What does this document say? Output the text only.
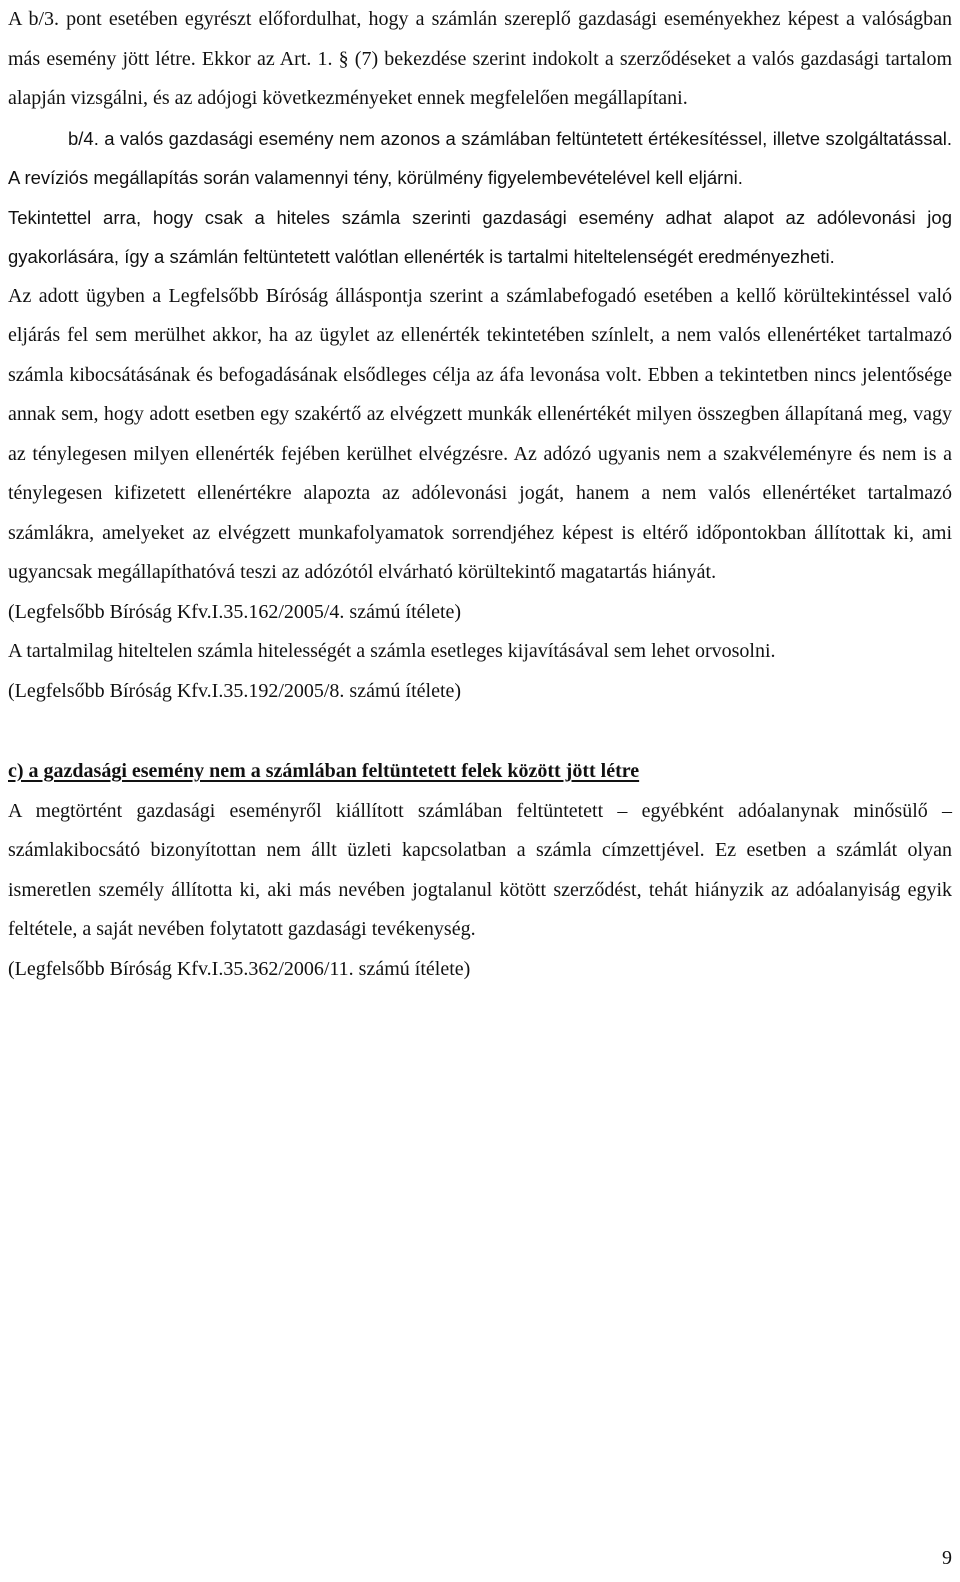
A b/3. pont esetében egyrészt előfordulhat, hogy a számlán szereplő gazdasági eseményekhez képest a valóságban más esemény jött létre. Ekkor az Art. 1. § (7) bekezdése szerint indokolt a szerződéseket a valós gazdasági tartalom alapján vizsgálni, és az adójogi következményeket ennek megfelelően megállapítani.

b/4. a valós gazdasági esemény nem azonos a számlában feltüntetett értékesítéssel, illetve szolgáltatással. A revíziós megállapítás során valamennyi tény, körülmény figyelembevételével kell eljárni.

Tekintettel arra, hogy csak a hiteles számla szerinti gazdasági esemény adhat alapot az adólevonási jog gyakorlására, így a számlán feltüntetett valótlan ellenérték is tartalmi hiteltelenségét eredményezheti.

Az adott ügyben a Legfelsőbb Bíróság álláspontja szerint a számlabefogadó esetében a kellő körültekintéssel való eljárás fel sem merülhet akkor, ha az ügylet az ellenérték tekintetében színlelt, a nem valós ellenértéket tartalmazó számla kibocsátásának és befogadásának elsődleges célja az áfa levonása volt. Ebben a tekintetben nincs jelentősége annak sem, hogy adott esetben egy szakértő az elvégzett munkák ellenértékét milyen összegben állapítaná meg, vagy az ténylegesen milyen ellenérték fejében kerülhet elvégzésre. Az adózó ugyanis nem a szakvéleményre és nem is a ténylegesen kifizetett ellenértékre alapozta az adólevonási jogát, hanem a nem valós ellenértéket tartalmazó számlákra, amelyeket az elvégzett munkafolyamatok sorrendjéhez képest is eltérő időpontokban állítottak ki, ami ugyancsak megállapíthatóvá teszi az adózótól elvárható körültekintő magatartás hiányát.

(Legfelsőbb Bíróság Kfv.I.35.162/2005/4. számú ítélete)

A tartalmilag hiteltelen számla hitelességét a számla esetleges kijavításával sem lehet orvosolni.

(Legfelsőbb Bíróság Kfv.I.35.192/2005/8. számú ítélete)

c) a gazdasági esemény nem a számlában feltüntetett felek között jött létre

A megtörtént gazdasági eseményről kiállított számlában feltüntetett – egyébként adóalanynak minősülő – számlakibocsátó bizonyítottan nem állt üzleti kapcsolatban a számla címzettjével. Ez esetben a számlát olyan ismeretlen személy állította ki, aki más nevében jogtalanul kötött szerződést, tehát hiányzik az adóalanyiság egyik feltétele, a saját nevében folytatott gazdasági tevékenység.

(Legfelsőbb Bíróság Kfv.I.35.362/2006/11. számú ítélete)

9
